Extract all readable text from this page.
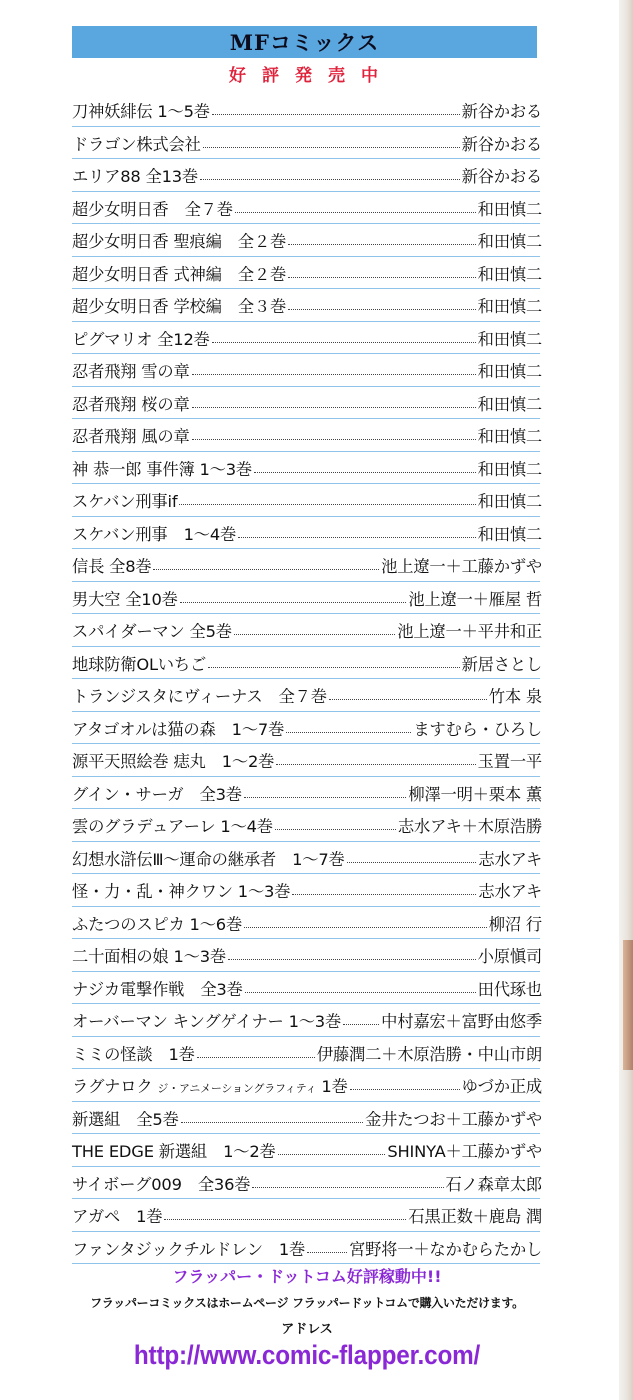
MFコミックス
好評発売中
刀神妖緋伝 1～5巻	新谷かおる
ドラゴン株式会社	新谷かおる
エリア88 全13巻	新谷かおる
超少女明日香　全７巻	和田慎二
超少女明日香 聖痕編　全２巻	和田慎二
超少女明日香 式神編　全２巻	和田慎二
超少女明日香 学校編　全３巻	和田慎二
ピグマリオ 全12巻	和田慎二
忍者飛翔 雪の章	和田慎二
忍者飛翔 桜の章	和田慎二
忍者飛翔 風の章	和田慎二
神 恭一郎 事件簿 1～3巻	和田慎二
スケバン刑事if	和田慎二
スケバン刑事　1～4巻	和田慎二
信長 全8巻	池上遼一＋工藤かずや
男大空 全10巻	池上遼一＋雁屋 哲
スパイダーマン 全5巻	池上遼一＋平井和正
地球防衛OLいちご	新居さとし
トランジスタにヴィーナス　全７巻	竹本 泉
アタゴオルは猫の森　1～7巻	ますむら・ひろし
源平天照絵巻 痣丸　1～2巻	玉置一平
グイン・サーガ　全3巻	柳澤一明＋栗本 薫
雲のグラデュアーレ 1～4巻	志水アキ＋木原浩勝
幻想水滸伝Ⅲ～運命の継承者　1～7巻	志水アキ
怪・力・乱・神クワン 1～3巻	志水アキ
ふたつのスピカ 1～6巻	柳沼 行
二十面相の娘 1～3巻	小原愼司
ナジカ電撃作戦　全3巻	田代琢也
オーバーマン キングゲイナー 1～3巻 中村嘉宏＋富野由悠季
ミミの怪談　1巻	伊藤潤二＋木原浩勝・中山市朗
ラグナロク ジ・アニメーショングラフィティ 1巻	ゆづか正成
新選組　全5巻	金井たつお＋工藤かずや
THE EDGE 新選組　1～2巻	SHINYA＋工藤かずや
サイボーグ009　全36巻	石ノ森章太郎
アガペ　1巻	石黒正数＋鹿島 潤
ファンタジックチルドレン　1巻	宮野将一＋なかむらたかし
フラッパー・ドットコム好評稼動中!!
フラッパーコミックスはホームページ フラッパードットコムで購入いただけます。
アドレス
http://www.comic-flapper.com/
